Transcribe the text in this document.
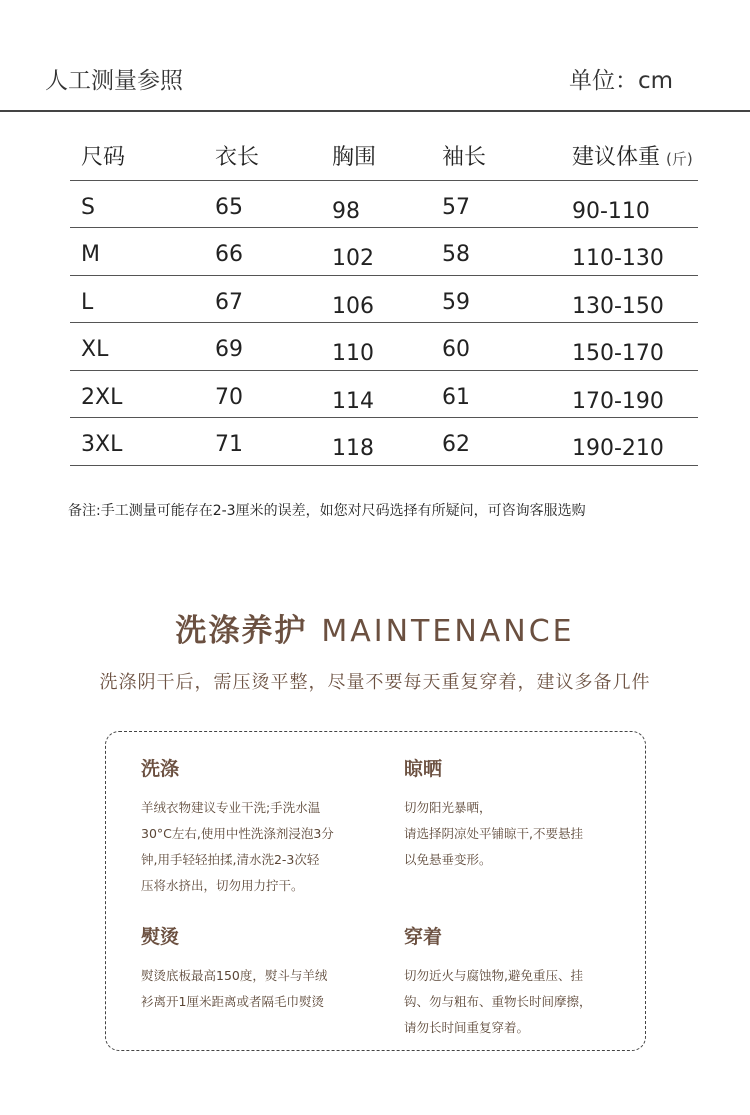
人工测量参照	单位：cm
尺码	衣长	胸围	袖长	建议体重 (斤)
S	65	98	57	90-110
M	66	102	58	110-130
L	67	106	59	130-150
XL	69	110	60	150-170
2XL	70	114	61	170-190
3XL	71	118	62	190-210
备注:手工测量可能存在2-3厘米的误差，如您对尺码选择有所疑问，可咨询客服选购
洗涤养护 MAINTENANCE
洗涤阴干后，需压烫平整，尽量不要每天重复穿着，建议多备几件
洗涤
羊绒衣物建议专业干洗;手洗水温
30°C左右,使用中性洗涤剂浸泡3分
钟,用手轻轻拍揉,清水洗2-3次轻
压将水挤出，切勿用力拧干。
晾晒
切勿阳光暴晒，
请选择阴凉处平铺晾干,不要悬挂
以免悬垂变形。
熨烫
熨烫底板最高150度，熨斗与羊绒
衫离开1厘米距离或者隔毛巾熨烫
穿着
切勿近火与腐蚀物,避免重压、挂
钩、勿与粗布、重物长时间摩擦，
请勿长时间重复穿着。
